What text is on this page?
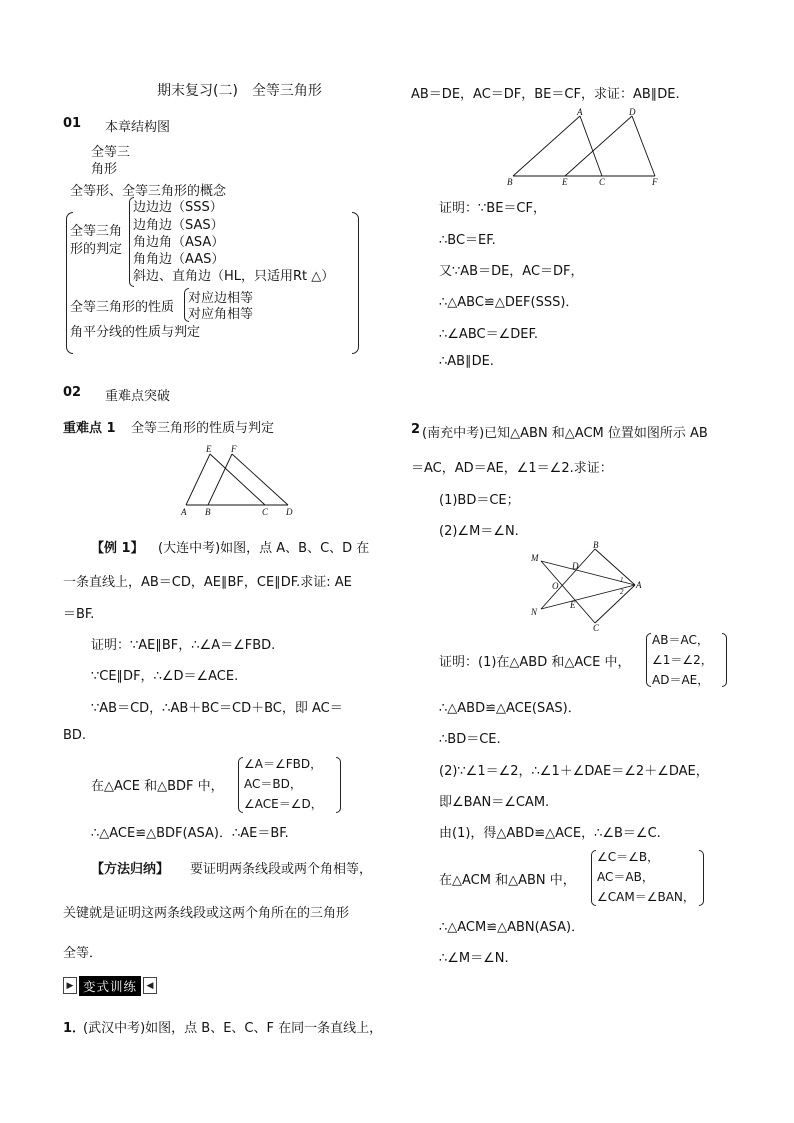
期末复习(二)　全等三角形
01 本章结构图
全等三
角形
全等形、全等三角形的概念
全等三角
形的判定
边边边（SSS）
边角边（SAS）
角边角（ASA）
角角边（AAS）
斜边、直角边（HL，只适用Rt △）
全等三角形的性质
对应边相等
对应角相等
角平分线的性质与判定
02 重难点突破
重难点 1 全等三角形的性质与判定
E F
A B	C D
【例 1】 (大连中考)如图，点 A、B、C、D 在
一条直线上，AB＝CD，AE∥BF，CE∥DF.求证: AE
＝BF.
证明：∵AE∥BF，∴∠A＝∠FBD.
∵CE∥DF，∴∠D＝∠ACE.
∵AB＝CD，∴AB＋BC＝CD＋BC，即 AC＝
BD.
在△ACE 和△BDF 中，
∠A＝∠FBD，
AC＝BD，
∠ACE＝∠D，
∴△ACE≌△BDF(ASA)．∴AE＝BF.
【方法归纳】 要证明两条线段或两个角相等，
关键就是证明这两条线段或这两个角所在的三角形
全等．
▶ 变式训练	◀
1．
(武汉中考)如图，点 B、E、C、F 在同一条直线上，
AB＝DE，AC＝DF，BE＝CF，求证：AB∥DE.
A	D
B	E	C	F
证明：∵BE＝CF，
∴BC＝EF.
又∵AB＝DE，AC＝DF，
∴△ABC≌△DEF(SSS)．
∴∠ABC＝∠DEF.
∴AB∥DE.
2 (南充中考)已知△ABN 和△ACM 位置如图所示 AB
＝AC，AD＝AE，∠1＝∠2.求证：
(1)BD＝CE；
(2)∠M＝∠N.
M
B
D
O	A
1
2
E
N
C
证明：(1)在△ABD 和△ACE 中，
AB＝AC，
∠1＝∠2，
AD＝AE，
∴△ABD≌△ACE(SAS)．
∴BD＝CE.
(2)∵∠1＝∠2，∴∠1＋∠DAE＝∠2＋∠DAE，
即∠BAN＝∠CAM.
由(1)，得△ABD≌△ACE，∴∠B＝∠C.
在△ACM 和△ABN 中，
∠C＝∠B，
AC＝AB，
∠CAM＝∠BAN，
∴△ACM≌△ABN(ASA)．
∴∠M＝∠N.
